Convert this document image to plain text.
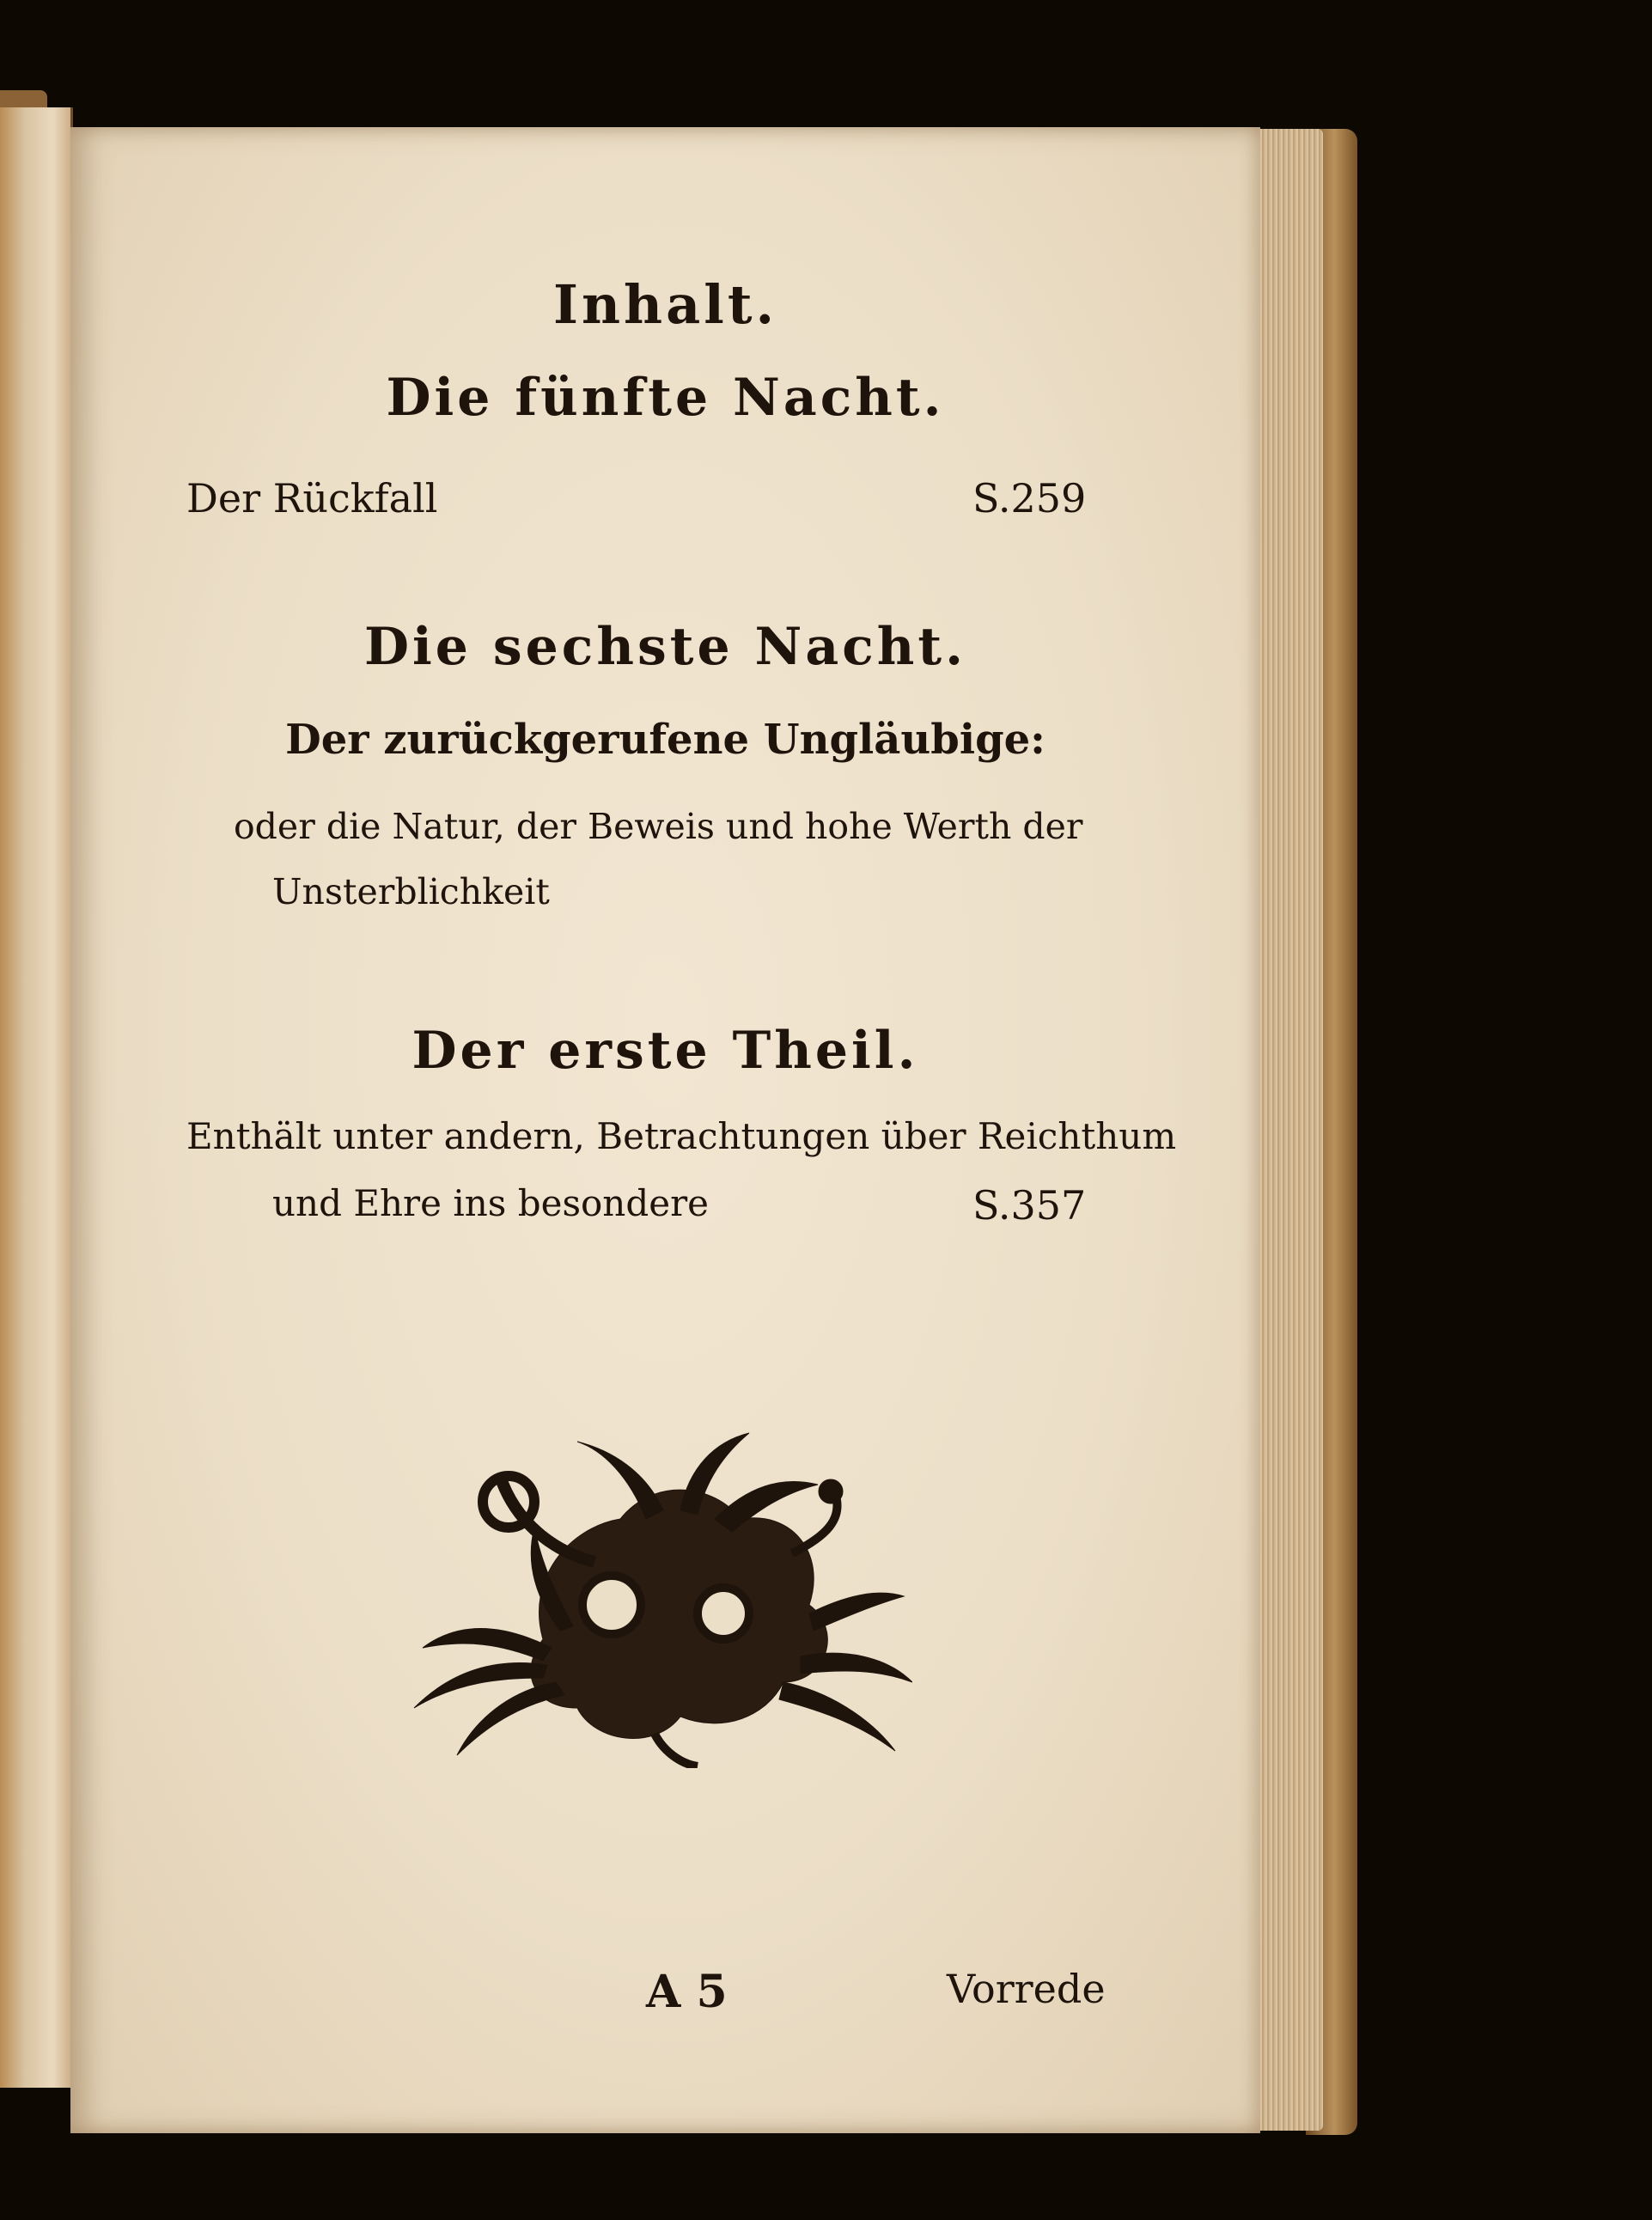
Inhalt.
Die fünfte Nacht.
Der Rückfall	S.259
Die sechste Nacht.
Der zurückgerufene Ungläubige:
oder die Natur, der Beweis und hohe Werth der
Unsterblichkeit
Der erste Theil.
Enthält unter andern, Betrachtungen über Reichthum
und Ehre ins besondere	S.357
A 5	Vorrede
